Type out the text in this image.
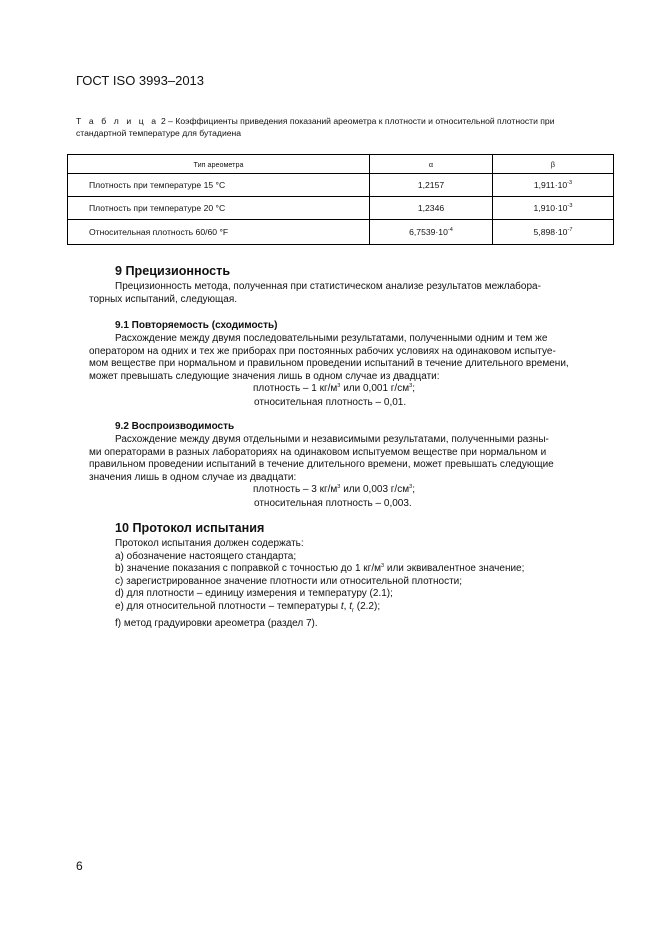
ГОСТ ISO 3993–2013
Т а б л и ц а 2 – Коэффициенты приведения показаний ареометра к плотности и относительной плотности при
стандартной температуре для бутадиена
Тип ареометра	α	β
Плотность при температуре 15 °C	1,2157	$1,911\cdot 10^{-3}$
Плотность при температуре 20 °C	1,2346	$1,910\cdot 10^{-3}$
Относительная плотность 60/60 °F	$6,7539\cdot 10^{-4}$	$5,898\cdot 10^{-7}$
9 Прецизионность
Прецизионность метода, полученная при статистическом анализе результатов межлабора-
торных испытаний, следующая.
9.1 Повторяемость (сходимость)
Расхождение между двумя последовательными результатами, полученными одним и тем же
оператором на одних и тех же приборах при постоянных рабочих условиях на одинаковом испытуе-
мом веществе при нормальном и правильном проведении испытаний в течение длительного времени,
может превышать следующие значения лишь в одном случае из двадцати:
плотность – 1 $кг/м^3$ или 0,001 $г/см^3$;
относительная плотность – 0,01.
9.2 Воспроизводимость
Расхождение между двумя отдельными и независимыми результатами, полученными разны-
ми операторами в разных лабораториях на одинаковом испытуемом веществе при нормальном и
правильном проведении испытаний в течение длительного времени, может превышать следующие
значения лишь в одном случае из двадцати:
плотность – 3 $кг/м^3$ или 0,003 $г/см^3$;
относительная плотность – 0,003.
10 Протокол испытания
Протокол испытания должен содержать:
a) обозначение настоящего стандарта;
b) значение показания с поправкой с точностью до 1 $кг/м^3$ или эквивалентное значение;
c) зарегистрированное значение плотности или относительной плотности;
d) для плотности – единицу измерения и температуру (2.1);
e) для относительной плотности – температуры t, $t_r$ (2.2);
f) метод градуировки ареометра (раздел 7).
6
